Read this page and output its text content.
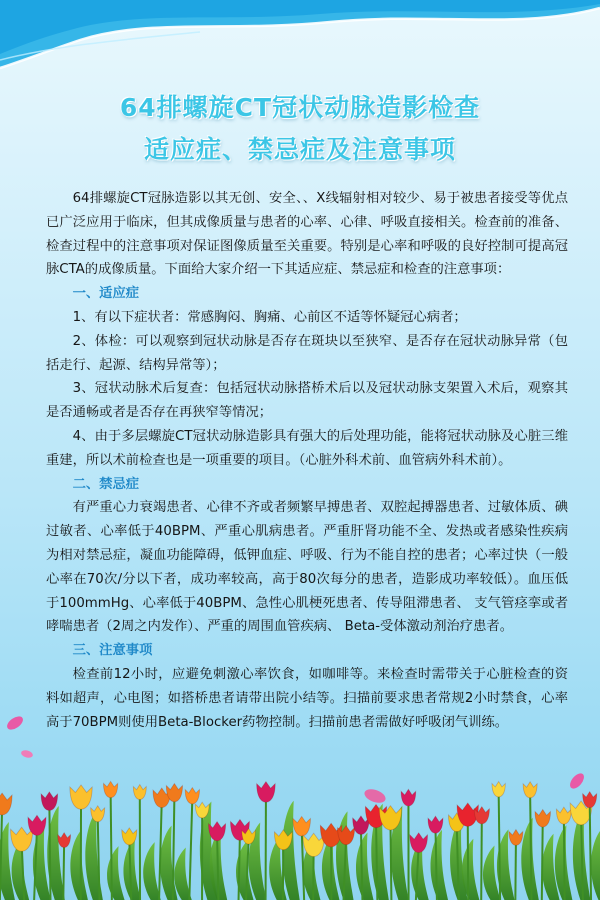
64排螺旋CT冠状动脉造影检查
适应症、禁忌症及注意事项

64排螺旋CT冠脉造影以其无创、安全、、X线辐射相对较少、易于被患者接受等优点已广泛应用于临床，但其成像质量与患者的心率、心律、呼吸直接相关。检查前的准备、检查过程中的注意事项对保证图像质量至关重要。特别是心率和呼吸的良好控制可提高冠脉CTA的成像质量。下面给大家介绍一下其适应症、禁忌症和检查的注意事项：

一、适应症

1、有以下症状者：常感胸闷、胸痛、心前区不适等怀疑冠心病者；

2、体检：可以观察到冠状动脉是否存在斑块以至狭窄、是否存在冠状动脉异常（包括走行、起源、结构异常等）；

3、冠状动脉术后复查：包括冠状动脉搭桥术后以及冠状动脉支架置入术后，观察其是否通畅或者是否存在再狭窄等情况；

4、由于多层螺旋CT冠状动脉造影具有强大的后处理功能，能将冠状动脉及心脏三维重建，所以术前检查也是一项重要的项目。（心脏外科术前、血管病外科术前）。

二、禁忌症

有严重心力衰竭患者、心律不齐或者频繁早搏患者、双腔起搏器患者、过敏体质、碘过敏者、心率低于40BPM、严重心肌病患者。严重肝肾功能不全、发热或者感染性疾病为相对禁忌症，凝血功能障碍，低钾血症、呼吸、行为不能自控的患者；心率过快（一般心率在70次/分以下者，成功率较高，高于80次每分的患者，造影成功率较低）。血压低于100mmHg、心率低于40BPM、急性心肌梗死患者、传导阻滞患者、 支气管痉挛或者哮喘患者（2周之内发作）、严重的周围血管疾病、 Beta-受体激动剂治疗患者。

三、注意事项

检查前12小时，应避免刺激心率饮食，如咖啡等。来检查时需带关于心脏检查的资料如超声，心电图；如搭桥患者请带出院小结等。扫描前要求患者常规2小时禁食，心率高于70BPM则使用Beta-Blocker药物控制。扫描前患者需做好呼吸闭气训练。
